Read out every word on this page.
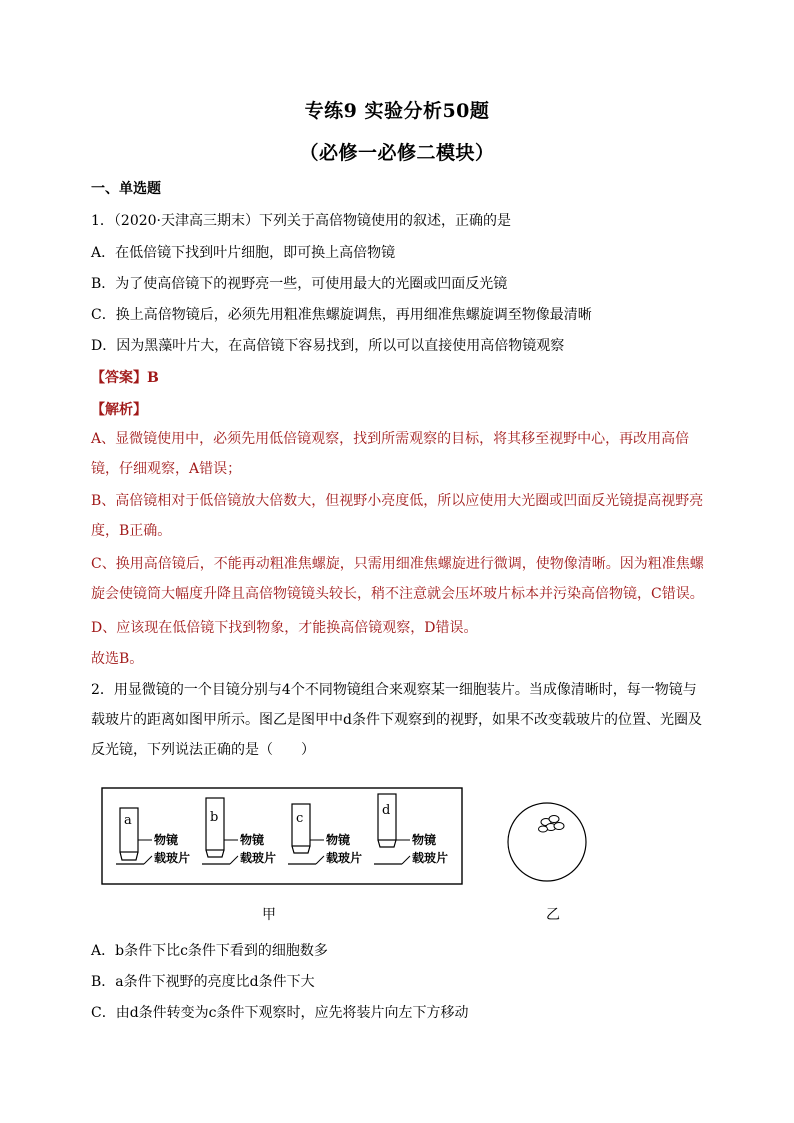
专练9 实验分析50题
（必修一必修二模块）
一、单选题
1．（2020·天津高三期末）下列关于高倍物镜使用的叙述，正确的是
A．在低倍镜下找到叶片细胞，即可换上高倍物镜
B．为了使高倍镜下的视野亮一些，可使用最大的光圈或凹面反光镜
C．换上高倍物镜后，必须先用粗准焦螺旋调焦，再用细准焦螺旋调至物像最清晰
D．因为黑藻叶片大，在高倍镜下容易找到，所以可以直接使用高倍物镜观察
【答案】B
【解析】
A、显微镜使用中，必须先用低倍镜观察，找到所需观察的目标，将其移至视野中心，再改用高倍镜，仔细观察，A错误；
B、高倍镜相对于低倍镜放大倍数大，但视野小亮度低，所以应使用大光圈或凹面反光镜提高视野亮度，B正确。
C、换用高倍镜后，不能再动粗准焦螺旋，只需用细准焦螺旋进行微调，使物像清晰。因为粗准焦螺旋会使镜筒大幅度升降且高倍物镜镜头较长，稍不注意就会压坏玻片标本并污染高倍物镜，C错误。
D、应该现在低倍镜下找到物象，才能换高倍镜观察，D错误。
故选B。
2．用显微镜的一个目镜分别与4个不同物镜组合来观察某一细胞装片。当成像清晰时，每一物镜与载玻片的距离如图甲所示。图乙是图甲中d条件下观察到的视野，如果不改变载玻片的位置、光圈及反光镜，下列说法正确的是（　　）
a	b	c
d
物镜
载玻片
物镜
载玻片
物镜
载玻片
物镜
载玻片
甲	乙
A．b条件下比c条件下看到的细胞数多
B．a条件下视野的亮度比d条件下大
C．由d条件转变为c条件下观察时，应先将装片向左下方移动
